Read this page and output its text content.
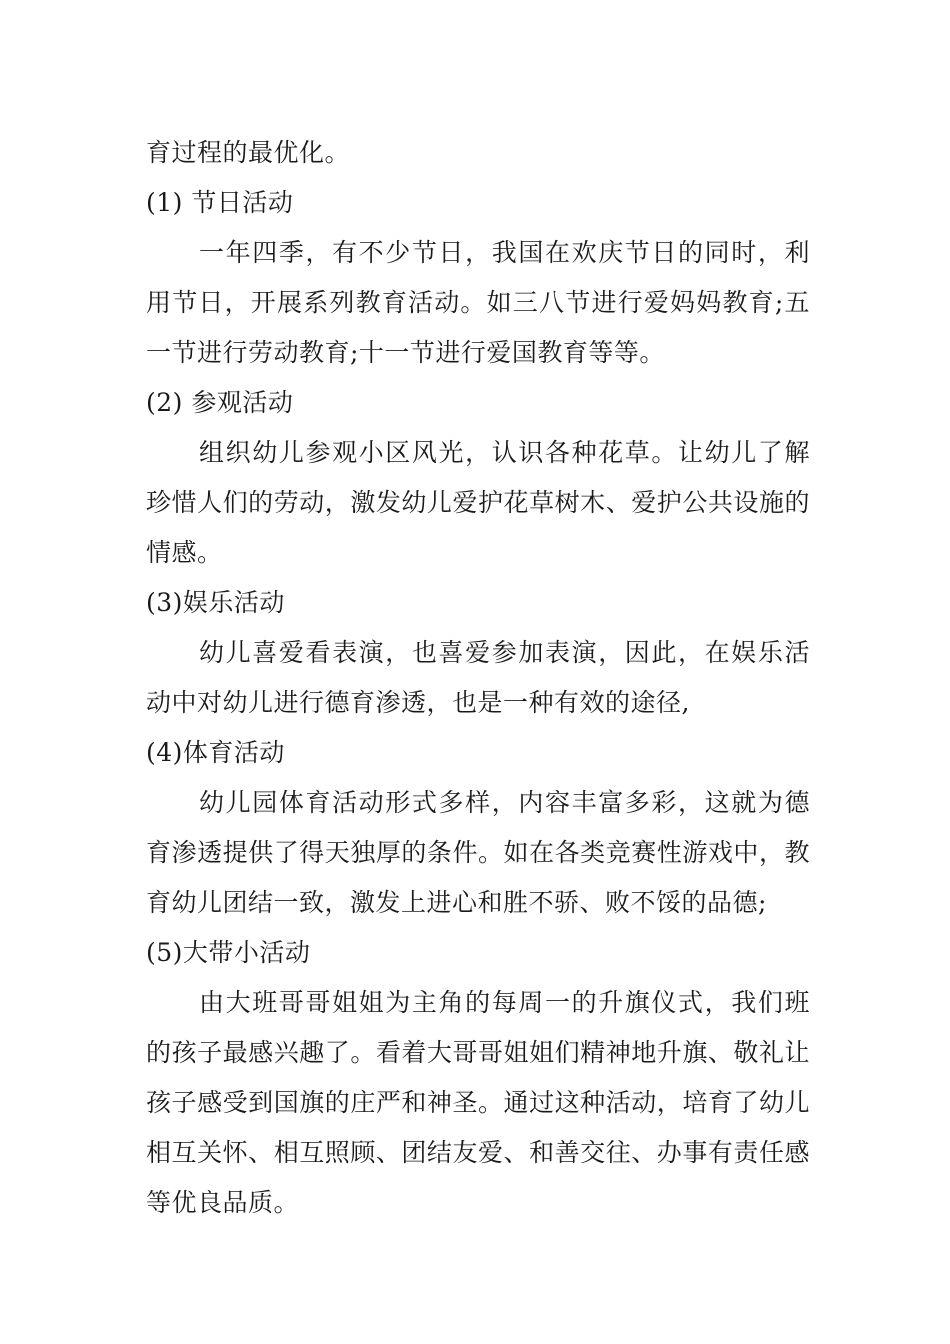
育过程的最优化。

(1) 节日活动

一年四季，有不少节日，我国在欢庆节日的同时，利用节日，开展系列教育活动。如三八节进行爱妈妈教育;五一节进行劳动教育;十一节进行爱国教育等等。

(2) 参观活动

组织幼儿参观小区风光，认识各种花草。让幼儿了解珍惜人们的劳动，激发幼儿爱护花草树木、爱护公共设施的情感。

(3)娱乐活动

幼儿喜爱看表演，也喜爱参加表演，因此，在娱乐活动中对幼儿进行德育渗透，也是一种有效的途径,

(4)体育活动

幼儿园体育活动形式多样，内容丰富多彩，这就为德育渗透提供了得天独厚的条件。如在各类竞赛性游戏中，教育幼儿团结一致，激发上进心和胜不骄、败不馁的品德;

(5)大带小活动

由大班哥哥姐姐为主角的每周一的升旗仪式，我们班的孩子最感兴趣了。看着大哥哥姐姐们精神地升旗、敬礼让孩子感受到国旗的庄严和神圣。通过这种活动，培育了幼儿相互关怀、相互照顾、团结友爱、和善交往、办事有责任感等优良品质。
